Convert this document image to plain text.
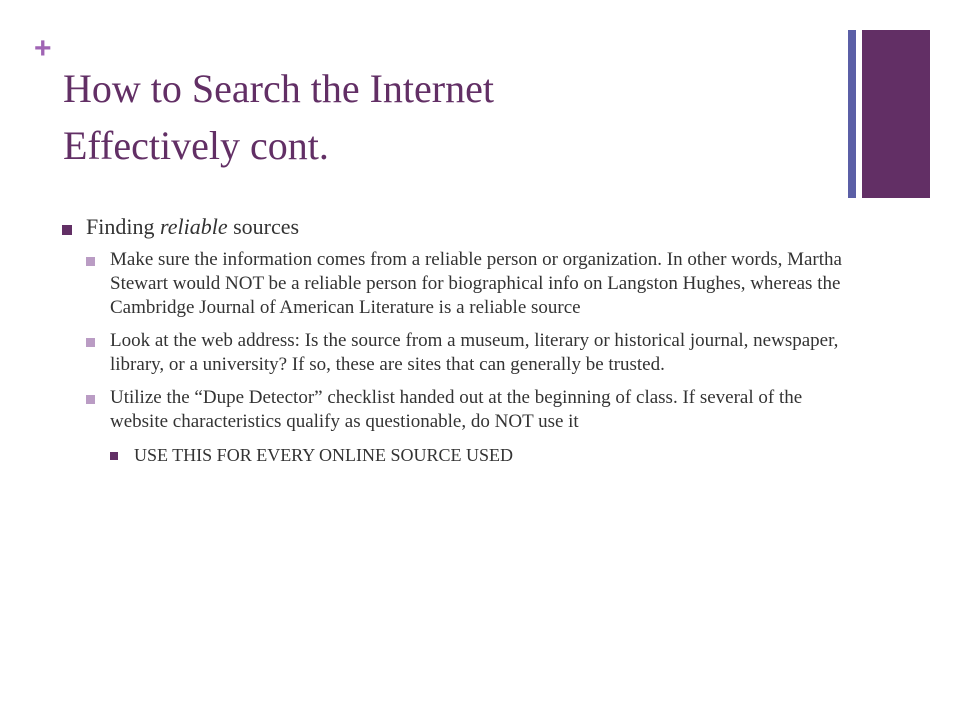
+
How to Search the Internet
Effectively cont.
Finding reliable sources
Make sure the information comes from a reliable person or organization. In other words, Martha Stewart would NOT be a reliable person for biographical info on Langston Hughes, whereas the Cambridge Journal of American Literature is a reliable source
Look at the web address: Is the source from a museum, literary or historical journal, newspaper, library, or a university? If so, these are sites that can generally be trusted.
Utilize the “Dupe Detector” checklist handed out at the beginning of class. If several of the website characteristics qualify as questionable, do NOT use it
USE THIS FOR EVERY ONLINE SOURCE USED
